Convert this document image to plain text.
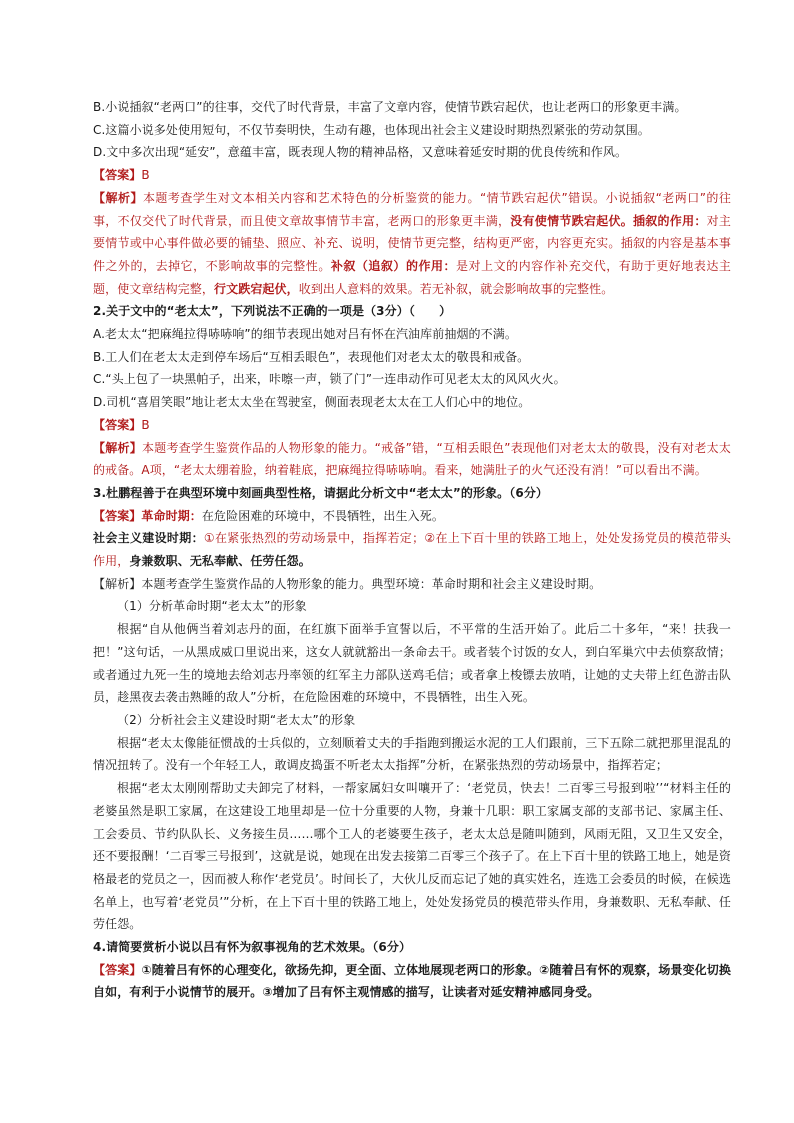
B.小说插叙“老两口”的往事，交代了时代背景，丰富了文章内容，使情节跌宕起伏，也让老两口的形象更丰满。

C.这篇小说多处使用短句，不仅节奏明快，生动有趣，也体现出社会主义建设时期热烈紧张的劳动氛围。

D.文中多次出现“延安”，意蕴丰富，既表现人物的精神品格，又意味着延安时期的优良传统和作风。

【答案】B

【解析】本题考查学生对文本相关内容和艺术特色的分析鉴赏的能力。“情节跌宕起伏”错误。小说插叙“老两口”的往事，不仅交代了时代背景，而且使文章故事情节丰富，老两口的形象更丰满，没有使情节跌宕起伏。插叙的作用：对主要情节或中心事件做必要的铺垫、照应、补充、说明，使情节更完整，结构更严密，内容更充实。插叙的内容是基本事件之外的，去掉它，不影响故事的完整性。补叙（追叙）的作用：是对上文的内容作补充交代，有助于更好地表达主题，使文章结构完整，行文跌宕起伏，收到出人意料的效果。若无补叙，就会影响故事的完整性。

2.关于文中的“老太太”，下列说法不正确的一项是（3分）（　　）

A.老太太“把麻绳拉得哧哧响”的细节表现出她对吕有怀在汽油库前抽烟的不满。

B.工人们在老太太走到停车场后“互相丢眼色”，表现他们对老太太的敬畏和戒备。

C.“头上包了一块黑帕子，出来，咔嚓一声，锁了门”一连串动作可见老太太的风风火火。

D.司机“喜眉笑眼”地让老太太坐在驾驶室，侧面表现老太太在工人们心中的地位。

【答案】B

【解析】本题考查学生鉴赏作品的人物形象的能力。“戒备”错，“互相丢眼色”表现他们对老太太的敬畏，没有对老太太的戒备。A项，“老太太绷着脸，纳着鞋底，把麻绳拉得哧哧响。看来，她满肚子的火气还没有消！”可以看出不满。

3.杜鹏程善于在典型环境中刻画典型性格，请据此分析文中“老太太”的形象。（6分）

【答案】革命时期：在危险困难的环境中，不畏牺牲，出生入死。

社会主义建设时期：①在紧张热烈的劳动场景中，指挥若定；②在上下百十里的铁路工地上，处处发扬党员的模范带头作用，身兼数职、无私奉献、任劳任怨。

【解析】本题考查学生鉴赏作品的人物形象的能力。典型环境：革命时期和社会主义建设时期。

（1）分析革命时期“老太太”的形象

根据“自从他俩当着刘志丹的面，在红旗下面举手宣誓以后，不平常的生活开始了。此后二十多年，“来！扶我一把！”这句话，一从黑成威口里说出来，这女人就就豁出一条命去干。或者装个讨饭的女人，到白军巢穴中去侦察敌情；或者通过九死一生的境地去给刘志丹率领的红军主力部队送鸡毛信；或者拿上梭镖去放哨，让她的丈夫带上红色游击队员，趁黑夜去袭击熟睡的敌人”分析，在危险困难的环境中，不畏牺牲，出生入死。

（2）分析社会主义建设时期“老太太”的形象

根据“老太太像能征惯战的士兵似的，立刻顺着丈夫的手指跑到搬运水泥的工人们跟前，三下五除二就把那里混乱的情况扭转了。没有一个年轻工人，敢调皮捣蛋不听老太太指挥”分析，在紧张热烈的劳动场景中，指挥若定；

根据“老太太刚刚帮助丈夫卸完了材料，一帮家属妇女叫嚷开了：‘老党员，快去！二百零三号报到啦’’“材料主任的老婆虽然是职工家属，在这建设工地里却是一位十分重要的人物，身兼十几职：职工家属支部的支部书记、家属主任、工会委员、节约队队长、义务接生员……哪个工人的老婆要生孩子，老太太总是随叫随到，风雨无阻，又卫生又安全，还不要报酬！‘二百零三号报到’，这就是说，她现在出发去接第二百零三个孩子了。在上下百十里的铁路工地上，她是资格最老的党员之一，因而被人称作‘老党员’。时间长了，大伙儿反而忘记了她的真实姓名，连选工会委员的时候，在候选名单上，也写着‘老党员’”分析，在上下百十里的铁路工地上，处处发扬党员的模范带头作用，身兼数职、无私奉献、任劳任怨。

4.请简要赏析小说以吕有怀为叙事视角的艺术效果。（6分）

【答案】①随着吕有怀的心理变化，欲扬先抑，更全面、立体地展现老两口的形象。②随着吕有怀的观察，场景变化切换自如，有利于小说情节的展开。③增加了吕有怀主观情感的描写，让读者对延安精神感同身受。
